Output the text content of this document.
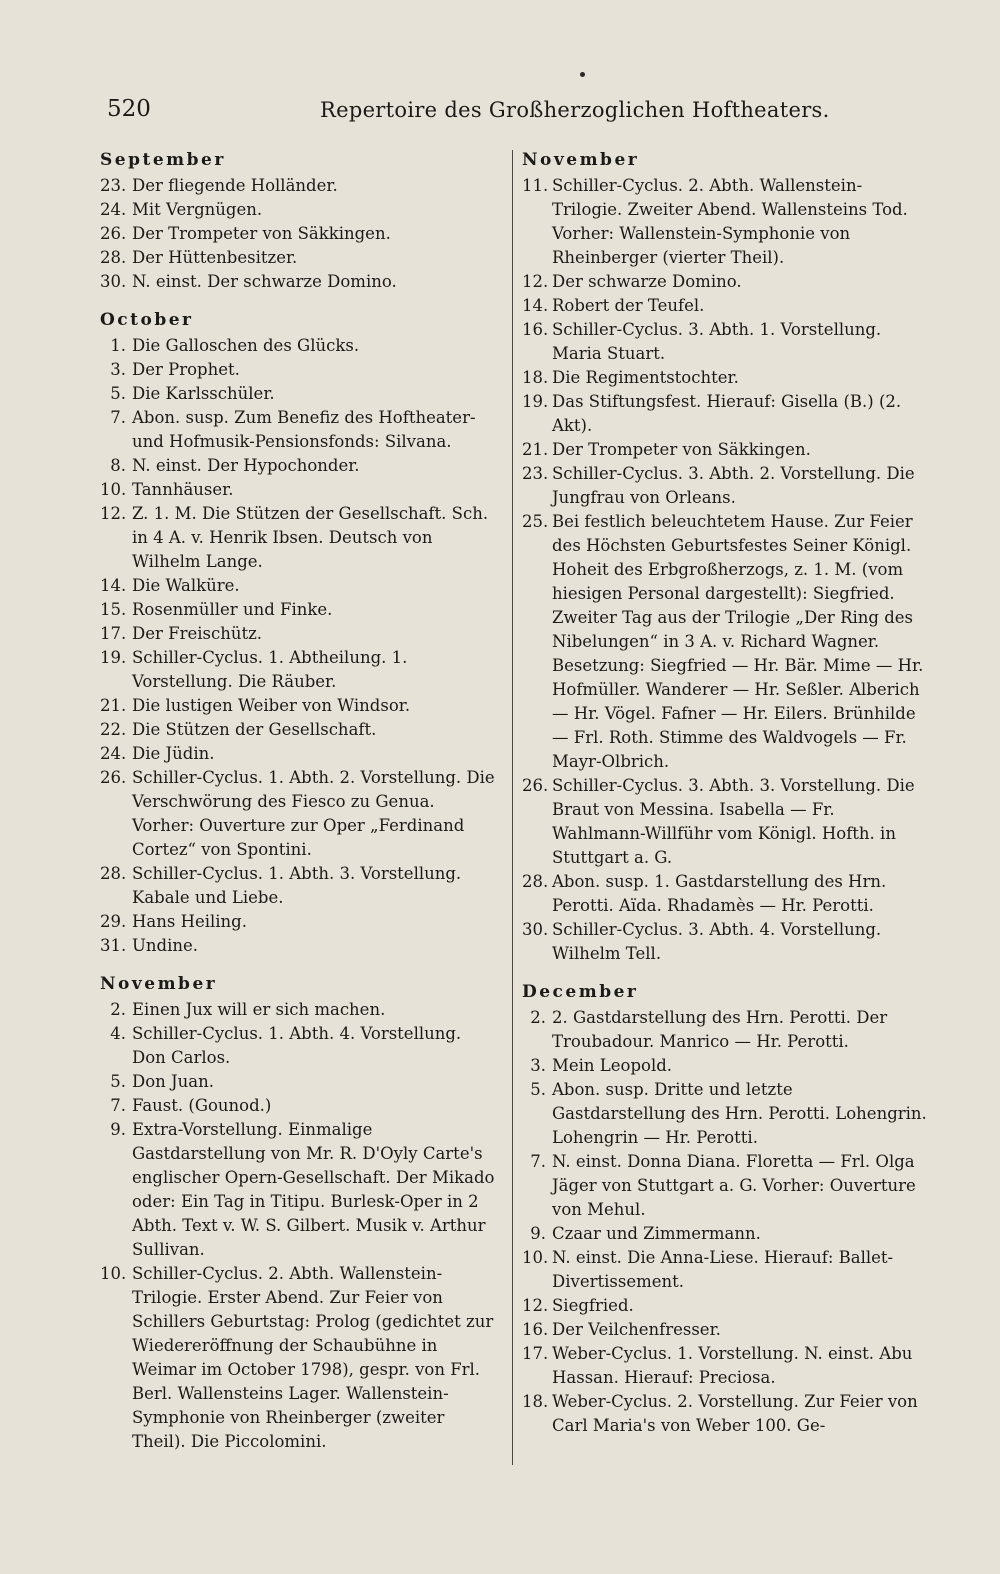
520	Repertoire des Großherzoglichen Hoftheaters.
September
23. Der fliegende Holländer.
24. Mit Vergnügen.
26. Der Trompeter von Säkkingen.
28. Der Hüttenbesitzer.
30. N. einst. Der schwarze Domino.
October
1. Die Galloschen des Glücks.
3. Der Prophet.
5. Die Karlsschüler.
7. Abon. susp. Zum Benefiz des Hoftheater- und Hofmusik-Pensionsfonds: Silvana.
8. N. einst. Der Hypochonder.
10. Tannhäuser.
12. Z. 1. M. Die Stützen der Gesellschaft. Sch. in 4 A. v. Henrik Ibsen. Deutsch von Wilhelm Lange.
14. Die Walküre.
15. Rosenmüller und Finke.
17. Der Freischütz.
19. Schiller-Cyclus. 1. Abtheilung. 1. Vorstellung. Die Räuber.
21. Die lustigen Weiber von Windsor.
22. Die Stützen der Gesellschaft.
24. Die Jüdin.
26. Schiller-Cyclus. 1. Abth. 2. Vorstellung. Die Verschwörung des Fiesco zu Genua. Vorher: Ouverture zur Oper „Ferdinand Cortez“ von Spontini.
28. Schiller-Cyclus. 1. Abth. 3. Vorstellung. Kabale und Liebe.
29. Hans Heiling.
31. Undine.
November
2. Einen Jux will er sich machen.
4. Schiller-Cyclus. 1. Abth. 4. Vorstellung. Don Carlos.
5. Don Juan.
7. Faust. (Gounod.)
9. Extra-Vorstellung. Einmalige Gastdarstellung von Mr. R. D'Oyly Carte's englischer Opern-Gesellschaft. Der Mikado oder: Ein Tag in Titipu. Burlesk-Oper in 2 Abth. Text v. W. S. Gilbert. Musik v. Arthur Sullivan.
10. Schiller-Cyclus. 2. Abth. Wallenstein-Trilogie. Erster Abend. Zur Feier von Schillers Geburtstag: Prolog (gedichtet zur Wiedereröffnung der Schaubühne in Weimar im October 1798), gespr. von Frl. Berl. Wallensteins Lager. Wallenstein-Symphonie von Rheinberger (zweiter Theil). Die Piccolomini.
November
11. Schiller-Cyclus. 2. Abth. Wallenstein-Trilogie. Zweiter Abend. Wallensteins Tod. Vorher: Wallenstein-Symphonie von Rheinberger (vierter Theil).
12. Der schwarze Domino.
14. Robert der Teufel.
16. Schiller-Cyclus. 3. Abth. 1. Vorstellung. Maria Stuart.
18. Die Regimentstochter.
19. Das Stiftungsfest. Hierauf: Gisella (B.) (2. Akt).
21. Der Trompeter von Säkkingen.
23. Schiller-Cyclus. 3. Abth. 2. Vorstellung. Die Jungfrau von Orleans.
25. Bei festlich beleuchtetem Hause. Zur Feier des Höchsten Geburtsfestes Seiner Königl. Hoheit des Erbgroßherzogs, z. 1. M. (vom hiesigen Personal dargestellt): Siegfried. Zweiter Tag aus der Trilogie „Der Ring des Nibelungen“ in 3 A. v. Richard Wagner. Besetzung: Siegfried — Hr. Bär. Mime — Hr. Hofmüller. Wanderer — Hr. Seßler. Alberich — Hr. Vögel. Fafner — Hr. Eilers. Brünhilde — Frl. Roth. Stimme des Waldvogels — Fr. Mayr-Olbrich.
26. Schiller-Cyclus. 3. Abth. 3. Vorstellung. Die Braut von Messina. Isabella — Fr. Wahlmann-Willführ vom Königl. Hofth. in Stuttgart a. G.
28. Abon. susp. 1. Gastdarstellung des Hrn. Perotti. Aïda. Rhadamès — Hr. Perotti.
30. Schiller-Cyclus. 3. Abth. 4. Vorstellung. Wilhelm Tell.
December
2. 2. Gastdarstellung des Hrn. Perotti. Der Troubadour. Manrico — Hr. Perotti.
3. Mein Leopold.
5. Abon. susp. Dritte und letzte Gastdarstellung des Hrn. Perotti. Lohengrin. Lohengrin — Hr. Perotti.
7. N. einst. Donna Diana. Floretta — Frl. Olga Jäger von Stuttgart a. G. Vorher: Ouverture von Mehul.
9. Czaar und Zimmermann.
10. N. einst. Die Anna-Liese. Hierauf: Ballet-Divertissement.
12. Siegfried.
16. Der Veilchenfresser.
17. Weber-Cyclus. 1. Vorstellung. N. einst. Abu Hassan. Hierauf: Preciosa.
18. Weber-Cyclus. 2. Vorstellung. Zur Feier von Carl Maria's von Weber 100. Ge-
